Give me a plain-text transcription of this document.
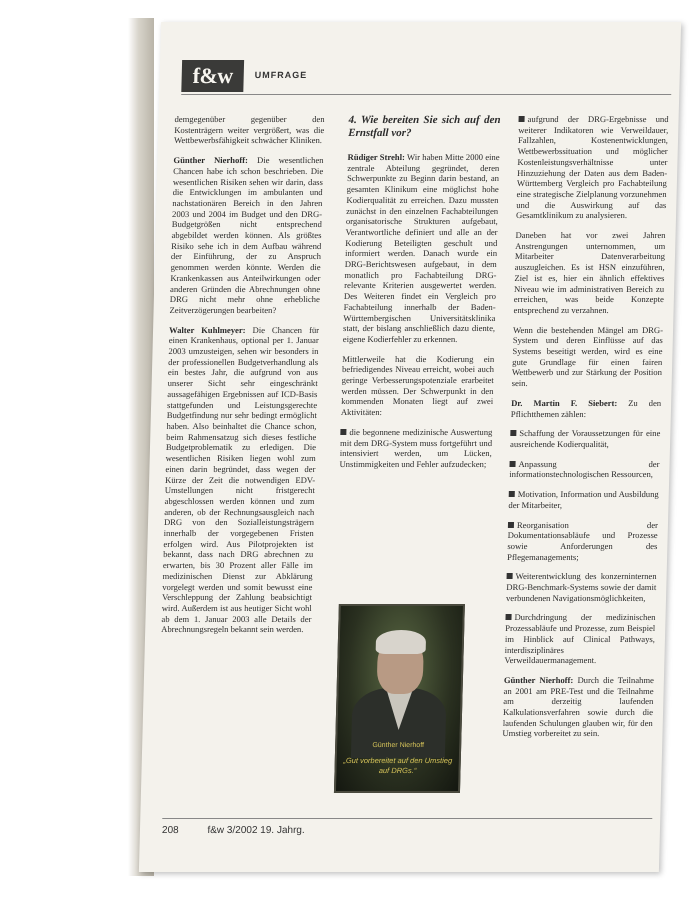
f&w	UMFRAGE

demgegenüber gegenüber den Kostenträgern weiter vergrößert, was die Wettbewerbsfähigkeit schwächer Kliniken.

Günther Nierhoff: Die wesentlichen Chancen habe ich schon beschrieben. Die wesentlichen Risiken sehen wir darin, dass die Entwicklungen im ambulanten und nachstationären Bereich in den Jahren 2003 und 2004 im Budget und den DRG-Budgetgrößen nicht entsprechend abgebildet werden können. Als größtes Risiko sehe ich in dem Aufbau während der Einführung, der zu Anspruch genommen werden könnte. Werden die Krankenkassen aus Anteilwirkungen oder anderen Gründen die Abrechnungen ohne DRG nicht mehr ohne erhebliche Zeitverzögerungen bearbeiten?

Walter Kuhlmeyer: Die Chancen für einen Krankenhaus, optional per 1. Januar 2003 umzusteigen, sehen wir besonders in der professionellen Budgetverhandlung als ein bestes Jahr, die aufgrund von aus unserer Sicht sehr eingeschränkt aussagefähigen Ergebnissen auf ICD-Basis stattgefunden und Leistungsgerechte Budgetfindung nur sehr bedingt ermöglicht haben. Also beinhaltet die Chance schon, beim Rahmensatzug sich dieses festliche Budgetproblematik zu erledigen. Die wesentlichen Risiken liegen wohl zum einen darin begründet, dass wegen der Kürze der Zeit die notwendigen EDV-Umstellungen nicht fristgerecht abgeschlossen werden können und zum anderen, ob der Rechnungsausgleich nach DRG von den Sozialleistungsträgern innerhalb der vorgegebenen Fristen erfolgen wird. Aus Pilotprojekten ist bekannt, dass nach DRG abrechnen zu erwarten, bis 30 Prozent aller Fälle im medizinischen Dienst zur Abklärung vorgelegt werden und somit bewusst eine Verschleppung der Zahlung beabsichtigt wird. Außerdem ist aus heutiger Sicht wohl ab dem 1. Januar 2003 alle Details der Abrechnungsregeln bekannt sein werden.

4. Wie bereiten Sie sich auf den Ernstfall vor?

Rüdiger Strehl: Wir haben Mitte 2000 eine zentrale Abteilung gegründet, deren Schwerpunkte zu Beginn darin bestand, an gesamten Klinikum eine möglichst hohe Kodierqualität zu erreichen. Dazu mussten zunächst in den einzelnen Fachabteilungen organisatorische Strukturen aufgebaut, Verantwortliche definiert und alle an der Kodierung Beteiligten geschult und informiert werden. Danach wurde ein DRG-Berichtswesen aufgebaut, in dem monatlich pro Fachabteilung DRG-relevante Kriterien ausgewertet werden. Des Weiteren findet ein Vergleich pro Fachabteilung innerhalb der Baden-Württembergischen Universitätsklinika statt, der bislang anschließlich dazu diente, eigene Kodierfehler zu erkennen.

Mittlerweile hat die Kodierung ein befriedigendes Niveau erreicht, wobei auch geringe Verbesserungspotenziale erarbeitet werden müssen. Der Schwerpunkt in den kommenden Monaten liegt auf zwei Aktivitäten:

die begonnene medizinische Auswertung mit dem DRG-System muss fortgeführt und intensiviert werden, um Lücken, Unstimmigkeiten und Fehler aufzudecken;

aufgrund der DRG-Ergebnisse und weiterer Indikatoren wie Verweildauer, Fallzahlen, Kostenentwicklungen, Wettbewerbssituation und möglicher Kostenleistungsverhältnisse unter Hinzuziehung der Daten aus dem Baden-Württemberg Vergleich pro Fachabteilung eine strategische Zielplanung vorzunehmen und die Auswirkung auf das Gesamtklinikum zu analysieren.

Daneben hat vor zwei Jahren Anstrengungen unternommen, um Mitarbeiter Datenverarbeitung auszugleichen. Es ist HSN einzuführen, Ziel ist es, hier ein ähnlich effektives Niveau wie im administrativen Bereich zu erreichen, was beide Konzepte entsprechend zu verzahnen.

Wenn die bestehenden Mängel am DRG-System und deren Einflüsse auf das Systems beseitigt werden, wird es eine gute Grundlage für einen fairen Wettbewerb und zur Stärkung der Position sein.

Dr. Martin F. Siebert: Zu den Pflichtthemen zählen:

Schaffung der Voraussetzungen für eine ausreichende Kodierqualität,

Anpassung der informationstechnologischen Ressourcen,

Motivation, Information und Ausbildung der Mitarbeiter,

Reorganisation der Dokumentationsabläufe und Prozesse sowie Anforderungen des Pflegemanagements;

Weiterentwicklung des konzerninternen DRG-Benchmark-Systems sowie der damit verbundenen Navigationsmöglichkeiten,

Durchdringung der medizinischen Prozessabläufe und Prozesse, zum Beispiel im Hinblick auf Clinical Pathways, interdisziplinäres Verweildauermanagement.

Günther Nierhoff: Durch die Teilnahme an 2001 am PRE-Test und die Teilnahme am derzeitig laufenden Kalkulationsverfahren sowie durch die laufenden Schulungen glauben wir, für den Umstieg vorbereitet zu sein.

Günther Nierhoff
„Gut vorbereitet auf den Umstieg auf DRGs.“
208	f&w 3/2002 19. Jahrg.
